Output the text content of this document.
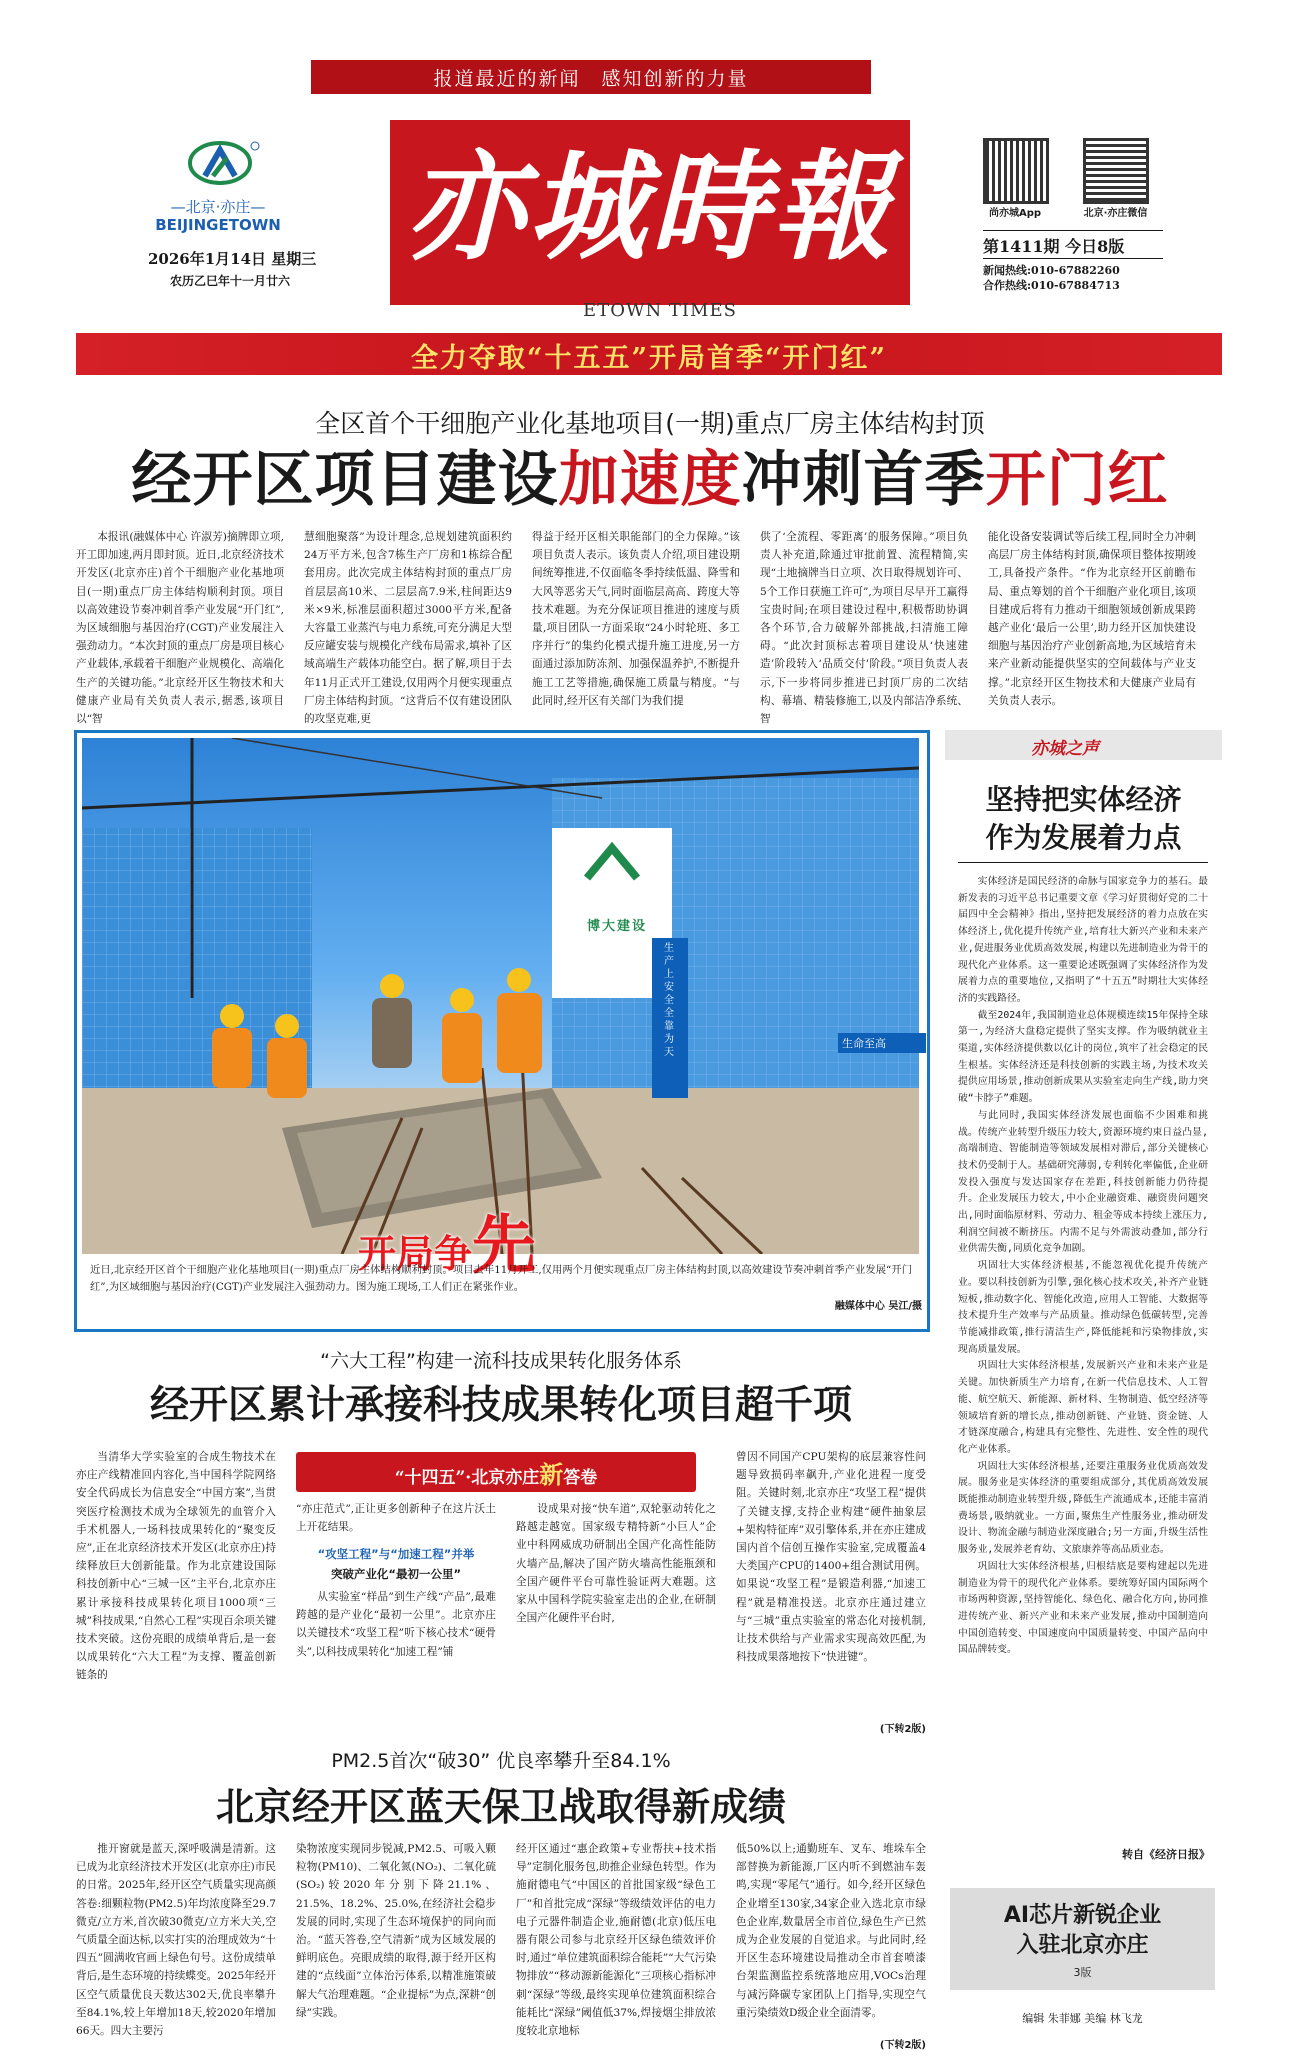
报道最近的新闻　感知创新的力量
—北京·亦庄—
BEIJINGETOWN
2026年1月14日 星期三
农历乙巳年十一月廿六
亦城時報
ETOWN TIMES
尚亦城App	北京·亦庄微信
第1411期 今日8版
新闻热线:010-67882260
合作热线:010-67884713
全力夺取“十五五”开局首季“开门红”
全区首个干细胞产业化基地项目(一期)重点厂房主体结构封顶
经开区项目建设加速度冲刺首季开门红

本报讯(融媒体中心 许淑芳)摘牌即立项,开工即加速,两月即封顶。近日,北京经济技术开发区(北京亦庄)首个干细胞产业化基地项目(一期)重点厂房主体结构顺利封顶。项目以高效建设节奏冲刺首季产业发展“开门红”,为区域细胞与基因治疗(CGT)产业发展注入强劲动力。“本次封顶的重点厂房是项目核心产业载体,承载着干细胞产业规模化、高端化生产的关键功能。”北京经开区生物技术和大健康产业局有关负责人表示,据悉,该项目以“智

慧细胞聚落”为设计理念,总规划建筑面积约24万平方米,包含7栋生产厂房和1栋综合配套用房。此次完成主体结构封顶的重点厂房首层层高10米、二层层高7.9米,柱间距达9米×9米,标准层面积超过3000平方米,配备大容量工业蒸汽与电力系统,可充分满足大型反应罐安装与规模化产线布局需求,填补了区域高端生产载体功能空白。据了解,项目于去年11月正式开工建设,仅用两个月便实现重点厂房主体结构封顶。“这背后不仅有建设团队的攻坚克难,更

得益于经开区相关职能部门的全力保障。”该项目负责人表示。该负责人介绍,项目建设期间统筹推进,不仅面临冬季持续低温、降雪和大风等恶劣天气,同时面临层高高、跨度大等技术难题。为充分保证项目推进的速度与质量,项目团队一方面采取“24小时轮班、多工序并行”的集约化模式提升施工进度,另一方面通过添加防冻剂、加强保温养护,不断提升施工工艺等措施,确保施工质量与精度。“与此同时,经开区有关部门为我们提

供了‘全流程、零距离’的服务保障。”项目负责人补充道,除通过审批前置、流程精简,实现“土地摘牌当日立项、次日取得规划许可、5个工作日获施工许可”,为项目尽早开工赢得宝贵时间;在项目建设过程中,积极帮助协调各个环节,合力破解外部挑战,扫清施工障碍。“此次封顶标志着项目建设从‘快速建造’阶段转入‘品质交付’阶段。”项目负责人表示,下一步将同步推进已封顶厂房的二次结构、幕墙、精装修施工,以及内部洁净系统、智

能化设备安装调试等后续工程,同时全力冲刺高层厂房主体结构封顶,确保项目整体按期竣工,具备投产条件。“作为北京经开区前瞻布局、重点筹划的首个干细胞产业化项目,该项目建成后将有力推动干细胞领域创新成果跨越产业化‘最后一公里’,助力经开区加快建设细胞与基因治疗产业创新高地,为区域培育未来产业新动能提供坚实的空间载体与产业支撑。”北京经开区生物技术和大健康产业局有关负责人表示。

博大建设
生命至高
生产上安全全靠为天
开局争先
近日,北京经开区首个干细胞产业化基地项目(一期)重点厂房主体结构顺利封顶。项目去年11月开工,仅用两个月便实现重点厂房主体结构封顶,以高效建设节奏冲刺首季产业发展“开门红”,为区域细胞与基因治疗(CGT)产业发展注入强劲动力。图为施工现场,工人们正在紧张作业。
融媒体中心 吴江/摄
亦城之声
坚持把实体经济
作为发展着力点

实体经济是国民经济的命脉与国家竞争力的基石。最新发表的习近平总书记重要文章《学习好贯彻好党的二十届四中全会精神》指出,坚持把发展经济的着力点放在实体经济上,优化提升传统产业,培育壮大新兴产业和未来产业,促进服务业优质高效发展,构建以先进制造业为骨干的现代化产业体系。这一重要论述既强调了实体经济作为发展着力点的重要地位,又指明了“十五五”时期壮大实体经济的实践路径。

截至2024年,我国制造业总体规模连续15年保持全球第一,为经济大盘稳定提供了坚实支撑。作为吸纳就业主渠道,实体经济提供数以亿计的岗位,筑牢了社会稳定的民生根基。实体经济还是科技创新的实践主场,为技术攻关提供应用场景,推动创新成果从实验室走向生产线,助力突破“卡脖子”难题。

与此同时,我国实体经济发展也面临不少困难和挑战。传统产业转型升级压力较大,资源环境约束日益凸显,高端制造、智能制造等领域发展相对滞后,部分关键核心技术仍受制于人。基础研究薄弱,专利转化率偏低,企业研发投入强度与发达国家存在差距,科技创新能力仍待提升。企业发展压力较大,中小企业融资难、融资贵问题突出,同时面临原材料、劳动力、租金等成本持续上涨压力,利润空间被不断挤压。内需不足与外需波动叠加,部分行业供需失衡,同质化竞争加剧。

巩固壮大实体经济根基,不能忽视优化提升传统产业。要以科技创新为引擎,强化核心技术攻关,补齐产业链短板,推动数字化、智能化改造,应用人工智能、大数据等技术提升生产效率与产品质量。推动绿色低碳转型,完善节能减排政策,推行清洁生产,降低能耗和污染物排放,实现高质量发展。

巩固壮大实体经济根基,发展新兴产业和未来产业是关键。加快新质生产力培育,在新一代信息技术、人工智能、航空航天、新能源、新材料、生物制造、低空经济等领域培育新的增长点,推动创新链、产业链、资金链、人才链深度融合,构建具有完整性、先进性、安全性的现代化产业体系。

巩固壮大实体经济根基,还要注重服务业优质高效发展。服务业是实体经济的重要组成部分,其优质高效发展既能推动制造业转型升级,降低生产流通成本,还能丰富消费场景,吸纳就业。一方面,聚焦生产性服务业,推动研发设计、物流金融与制造业深度融合;另一方面,升级生活性服务业,发展养老育幼、文旅康养等高品质业态。

巩固壮大实体经济根基,归根结底是要构建起以先进制造业为骨干的现代化产业体系。要统筹好国内国际两个市场两种资源,坚持智能化、绿色化、融合化方向,协同推进传统产业、新兴产业和未来产业发展,推动中国制造向中国创造转变、中国速度向中国质量转变、中国产品向中国品牌转变。

转自《经济日报》
AI芯片新锐企业
入驻北京亦庄
3版
编辑 朱菲娜 美编 林飞龙
“六大工程”构建一流科技成果转化服务体系
经开区累计承接科技成果转化项目超千项

当清华大学实验室的合成生物技术在亦庄产线精准回内容化,当中国科学院网络安全代码成长为信息安全“中国方案”,当贯突医疗检测技术成为全球领先的血管介入手术机器人,一场科技成果转化的“聚变反应”,正在北京经济技术开发区(北京亦庄)持续释放巨大创新能量。作为北京建设国际科技创新中心“三城一区”主平台,北京亦庄累计承接科技成果转化项目1000项“三城”科技成果,“自然心工程”实现百余项关键技术突破。这份亮眼的成绩单背后,是一套以成果转化“六大工程”为支撑、覆盖创新链条的

“十四五”·北京亦庄新答卷

“亦庄范式”,正让更多创新种子在这片沃土上开花结果。

“攻坚工程”与“加速工程”并举
突破产业化“最初一公里”

从实验室“样品”到生产线“产品”,最难跨越的是产业化“最初一公里”。北京亦庄以关键技术“攻坚工程”听下核心技术“硬骨头”,以科技成果转化“加速工程”铺

设成果对接“快车道”,双轮驱动转化之路越走越宽。国家级专精特新“小巨人”企业中科网威成功研制出全国产化高性能防火墙产品,解决了国产防火墙高性能瓶颈和全国产硬件平台可靠性验证两大难题。这家从中国科学院实验室走出的企业,在研制全国产化硬件平台时,

曾因不同国产CPU架构的底层兼容性问题导致损码率飙升,产业化进程一度受阻。关键时刻,北京亦庄“攻坚工程”提供了关键支撑,支持企业构建“硬件抽象层+架构特征库”双引擎体系,并在亦庄建成国内首个信创互操作实验室,完成覆盖4大类国产CPU的1400+组合测试用例。如果说“攻坚工程”是锻造利器,“加速工程”就是精准投送。北京亦庄通过建立与“三城”重点实验室的常态化对接机制,让技术供给与产业需求实现高效匹配,为科技成果落地按下“快进键”。

(下转2版)
PM2.5首次“破30” 优良率攀升至84.1%
北京经开区蓝天保卫战取得新成绩

推开窗就是蓝天,深呼吸满是清新。这已成为北京经济技术开发区(北京亦庄)市民的日常。2025年,经开区空气质量实现高颜答卷:细颗粒物(PM2.5)年均浓度降至29.7微克/立方米,首次破30微克/立方米大关,空气质量全面达标,以实打实的治理成效为“十四五”圆满收官画上绿色句号。这份成绩单背后,是生态环境的持续蝶变。2025年经开区空气质量优良天数达302天,优良率攀升至84.1%,较上年增加18天,较2020年增加66天。四大主要污

染物浓度实现同步锐减,PM2.5、可吸入颗粒物(PM10)、二氧化氮(NO₂)、二氧化硫(SO₂)较2020年分别下降21.1%、21.5%、18.2%、25.0%,在经济社会稳步发展的同时,实现了生态环境保护的同向而治。“蓝天答卷,空气清新”成为区域发展的鲜明底色。亮眼成绩的取得,源于经开区构建的“点线面”立体治污体系,以精准施策破解大气治理难题。“企业提标”为点,深耕“创绿”实践。

经开区通过“惠企政策+专业帮扶+技术指导”定制化服务包,助推企业绿色转型。作为施耐德电气“中国区的首批国家级“绿色工厂”和首批完成“深绿”等级绩效评估的电力电子元器件制造企业,施耐德(北京)低压电器有限公司参与北京经开区绿色绩效评价时,通过“单位建筑面积综合能耗”“大气污染物排放”“移动源新能源化”三项核心指标冲刺“深绿”等级,最终实现单位建筑面积综合能耗比“深绿”阈值低37%,焊接烟尘排放浓度较北京地标

低50%以上;通勤班车、叉车、堆垛车全部替换为新能源,厂区内听不到燃油车轰鸣,实现“零尾气”通行。如今,经开区绿色企业增至130家,34家企业入选北京市绿色企业库,数量居全市首位,绿色生产已然成为企业发展的自觉追求。与此同时,经开区生态环境建设局推动全市首套喷漆台架监测监控系统落地应用,VOCs治理与减污降碳专家团队上门指导,实现空气重污染绩效D级企业全面清零。

(下转2版)
